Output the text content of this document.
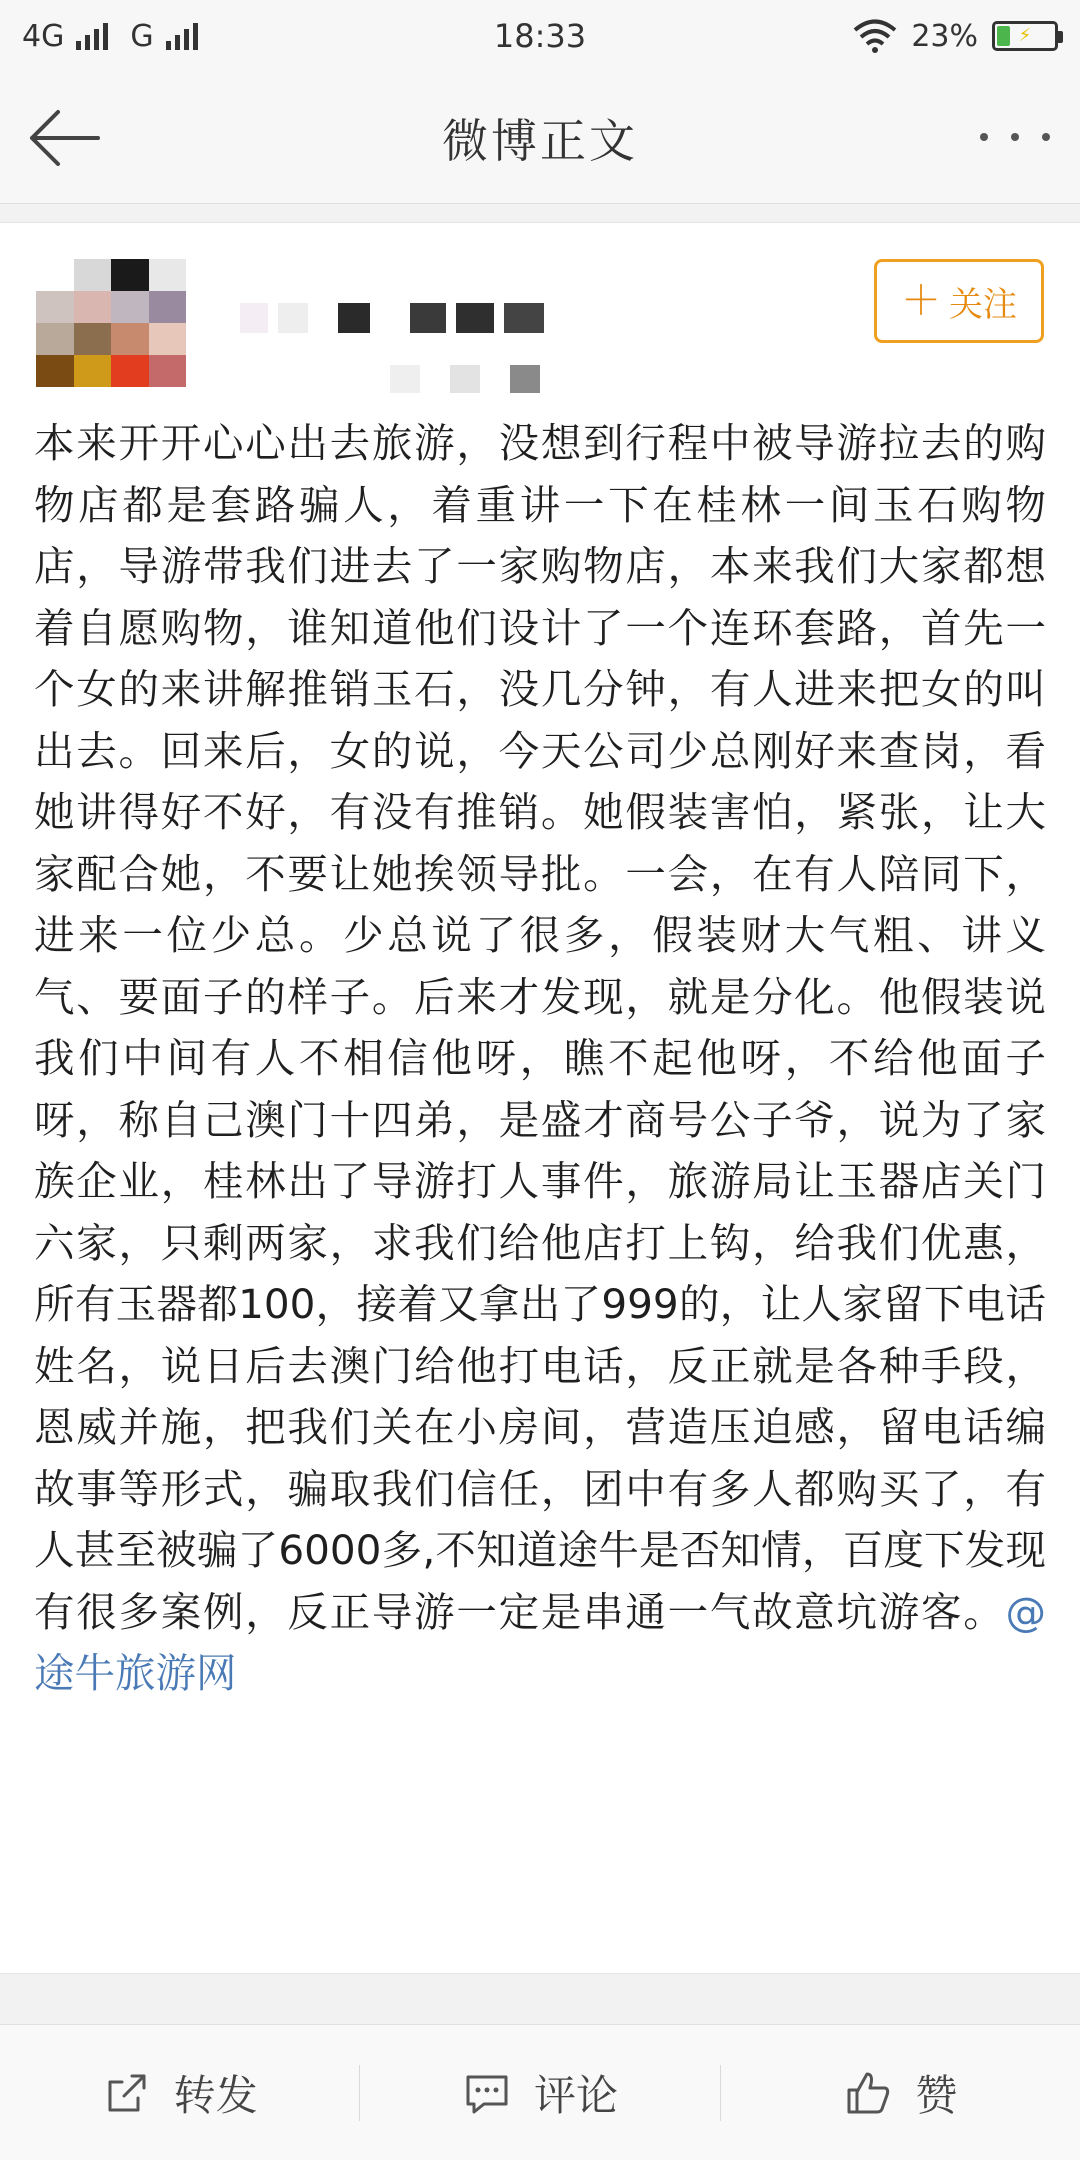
4G G	18:33	23%	⚡
微博正文
＋ 关注
本来开开心心出去旅游，没想到行程中被导游拉去的购物店都是套路骗人，着重讲一下在桂林一间玉石购物店，导游带我们进去了一家购物店，本来我们大家都想着自愿购物，谁知道他们设计了一个连环套路，首先一个女的来讲解推销玉石，没几分钟，有人进来把女的叫出去。回来后，女的说，今天公司少总刚好来查岗，看她讲得好不好，有没有推销。她假装害怕，紧张，让大家配合她，不要让她挨领导批。一会，在有人陪同下，进来一位少总。少总说了很多，假装财大气粗、讲义气、要面子的样子。后来才发现，就是分化。他假装说我们中间有人不相信他呀，瞧不起他呀，不给他面子呀，称自己澳门十四弟，是盛才商号公子爷，说为了家族企业，桂林出了导游打人事件，旅游局让玉器店关门六家，只剩两家，求我们给他店打上钩，给我们优惠，所有玉器都100，接着又拿出了999的，让人家留下电话姓名，说日后去澳门给他打电话，反正就是各种手段，恩威并施，把我们关在小房间，营造压迫感，留电话编故事等形式，骗取我们信任，团中有多人都购买了，有人甚至被骗了6000多,不知道途牛是否知情，百度下发现有很多案例，反正导游一定是串通一气故意坑游客。@途牛旅游网
转发	评论	赞
